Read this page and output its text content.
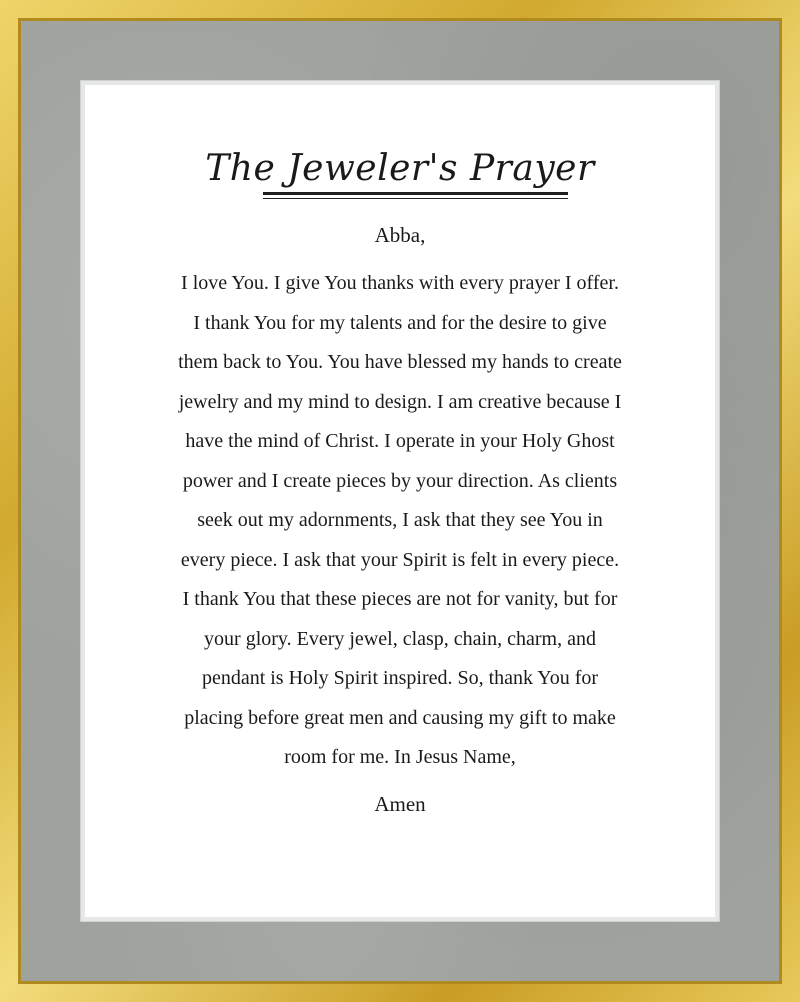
The Jeweler's Prayer
Abba,
I love You. I give You thanks with every prayer I offer.
I thank You for my talents and for the desire to give
them back to You. You have blessed my hands to create
jewelry and my mind to design. I am creative because I
have the mind of Christ. I operate in your Holy Ghost
power and I create pieces by your direction. As clients
seek out my adornments, I ask that they see You in
every piece. I ask that your Spirit is felt in every piece.
I thank You that these pieces are not for vanity, but for
your glory. Every jewel, clasp, chain, charm, and
pendant is Holy Spirit inspired. So, thank You for
placing before great men and causing my gift to make
room for me. In Jesus Name,
Amen
